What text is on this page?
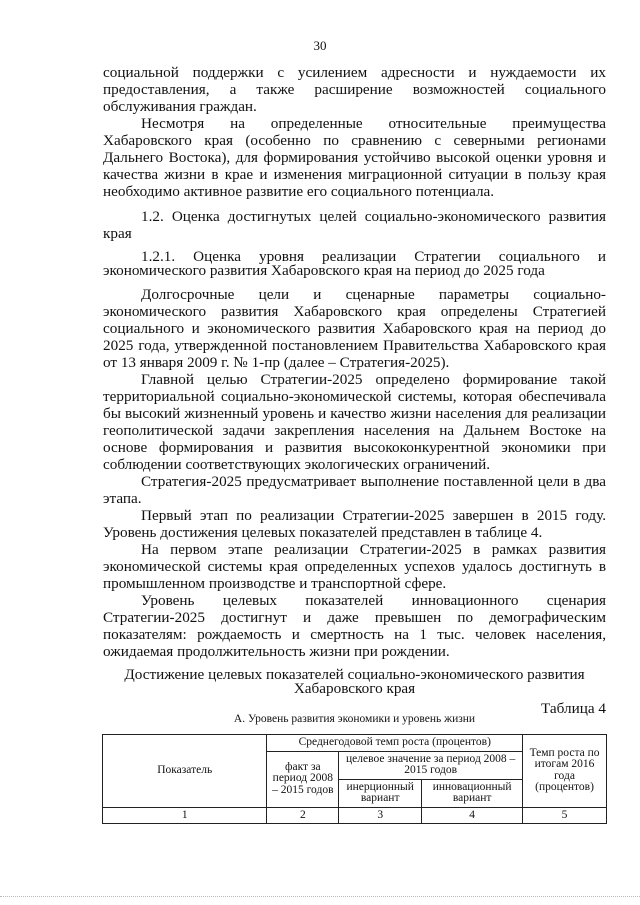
30

социальной поддержки с усилением адресности и нуждаемости их предоставления, а также расширение возможностей социального обслуживания граждан.

Несмотря на определенные относительные преимущества Хабаровского края (особенно по сравнению с северными регионами Дальнего Востока), для формирования устойчиво высокой оценки уровня и качества жизни в крае и изменения миграционной ситуации в пользу края необходимо активное развитие его социального потенциала.

1.2. Оценка достигнутых целей социально-экономического развития края

1.2.1. Оценка уровня реализации Стратегии социального и экономического развития Хабаровского края на период до 2025 года

Долгосрочные цели и сценарные параметры социально-экономического развития Хабаровского края определены Стратегией социального и экономического развития Хабаровского края на период до 2025 года, утвержденной постановлением Правительства Хабаровского края от 13 января 2009 г. № 1-пр (далее – Стратегия-2025).

Главной целью Стратегии-2025 определено формирование такой территориальной социально-экономической системы, которая обеспечивала бы высокий жизненный уровень и качество жизни населения для реализации геополитической задачи закрепления населения на Дальнем Востоке на основе формирования и развития высококонкурентной экономики при соблюдении соответствующих экологических ограничений.

Стратегия-2025 предусматривает выполнение поставленной цели в два этапа.

Первый этап по реализации Стратегии-2025 завершен в 2015 году. Уровень достижения целевых показателей представлен в таблице 4.

На первом этапе реализации Стратегии-2025 в рамках развития экономической системы края определенных успехов удалось достигнуть в промышленном производстве и транспортной сфере.

Уровень целевых показателей инновационного сценария Стратегии-2025 достигнут и даже превышен по демографическим показателям: рождаемость и смертность на 1 тыс. человек населения, ожидаемая продолжительность жизни при рождении.

Достижение целевых показателей социально-экономического развития Хабаровского края
Таблица 4
А. Уровень развития экономики и уровень жизни
Показатель	Среднегодовой темп роста (процентов)			Темп роста по итогам 2016 года (процентов)
	факт за период 2008 – 2015 годов	целевое значение за период 2008 – 2015 годов		
		инерционный вариант	инновационный вариант	
1	2	3	4	5
